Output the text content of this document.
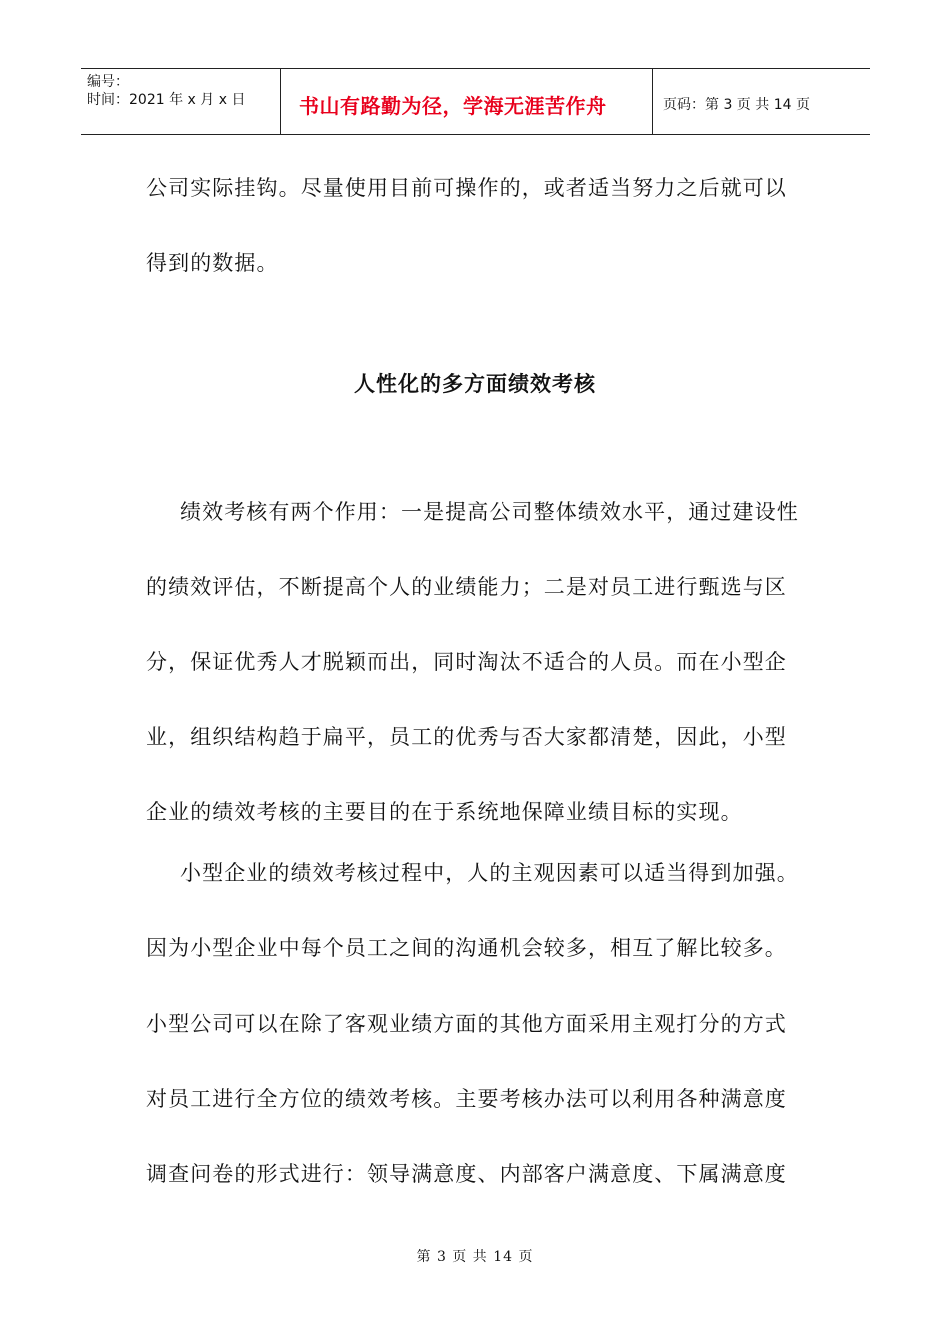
编号：
时间：2021 年 x 月 x 日	书山有路勤为径，学海无涯苦作舟	页码：第 3 页 共 14 页
公司实际挂钩。尽量使用目前可操作的，或者适当努力之后就可以
得到的数据。
人性化的多方面绩效考核
绩效考核有两个作用：一是提高公司整体绩效水平，通过建设性
的绩效评估，不断提高个人的业绩能力；二是对员工进行甄选与区
分，保证优秀人才脱颖而出，同时淘汰不适合的人员。而在小型企
业，组织结构趋于扁平，员工的优秀与否大家都清楚，因此，小型
企业的绩效考核的主要目的在于系统地保障业绩目标的实现。
小型企业的绩效考核过程中，人的主观因素可以适当得到加强。
因为小型企业中每个员工之间的沟通机会较多，相互了解比较多。
小型公司可以在除了客观业绩方面的其他方面采用主观打分的方式
对员工进行全方位的绩效考核。主要考核办法可以利用各种满意度
调查问卷的形式进行：领导满意度、内部客户满意度、下属满意度
第 3 页 共 14 页
